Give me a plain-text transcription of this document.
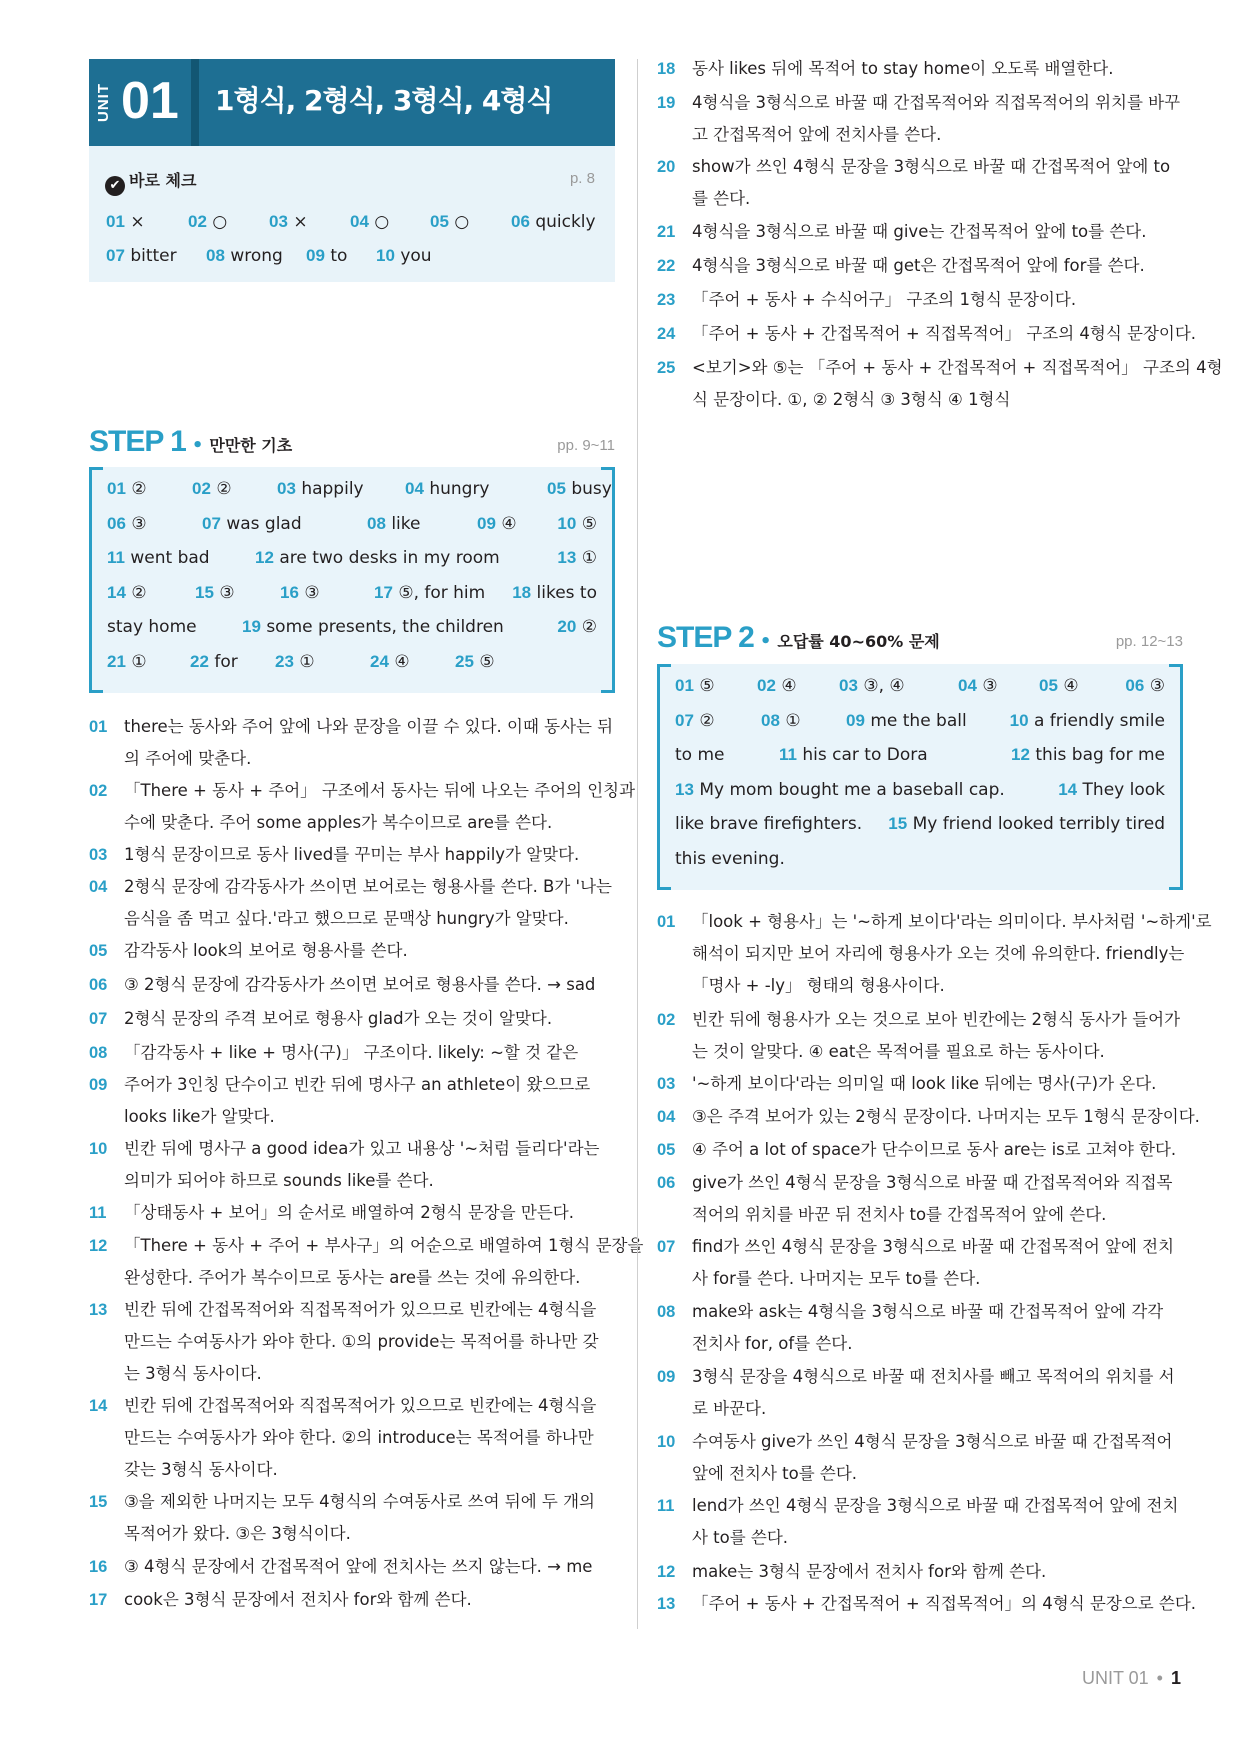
UNIT 01 1형식, 2형식, 3형식, 4형식
✔ 바로 체크	p. 8
01 ×	02 ○ 03 × 04 ○ 05 ○ 06 quickly
07 bitter 08 wrong 09 to 10 you
STEP 1 • 만만한 기초	pp. 9~11
01 ②	02 ②	03 happily 04 hungry	05 busy
06 ③	07 was glad	08 like	09 ④ 10 ⑤
11 went bad	12 are two desks in my room	13 ①
14 ②	15 ③	16 ③	17 ⑤, for him 18 likes to
stay home	19 some presents, the children	20 ②
21 ①	22 for 23 ①	24 ④	25 ⑤
01 there는 동사와 주어 앞에 나와 문장을 이끌 수 있다. 이때 동사는 뒤
의 주어에 맞춘다.
02 「There + 동사 + 주어」 구조에서 동사는 뒤에 나오는 주어의 인칭과
수에 맞춘다. 주어 some apples가 복수이므로 are를 쓴다.
03 1형식 문장이므로 동사 lived를 꾸미는 부사 happily가 알맞다.
04 2형식 문장에 감각동사가 쓰이면 보어로는 형용사를 쓴다. B가 '나는
음식을 좀 먹고 싶다.'라고 했으므로 문맥상 hungry가 알맞다.
05 감각동사 look의 보어로 형용사를 쓴다.
06 ③ 2형식 문장에 감각동사가 쓰이면 보어로 형용사를 쓴다. → sad
07 2형식 문장의 주격 보어로 형용사 glad가 오는 것이 알맞다.
08 「감각동사 + like + 명사(구)」 구조이다. likely: ~할 것 같은
09 주어가 3인칭 단수이고 빈칸 뒤에 명사구 an athlete이 왔으므로
looks like가 알맞다.
10 빈칸 뒤에 명사구 a good idea가 있고 내용상 '~처럼 들리다'라는
의미가 되어야 하므로 sounds like를 쓴다.
11 「상태동사 + 보어」의 순서로 배열하여 2형식 문장을 만든다.
12 「There + 동사 + 주어 + 부사구」의 어순으로 배열하여 1형식 문장을
완성한다. 주어가 복수이므로 동사는 are를 쓰는 것에 유의한다.
13 빈칸 뒤에 간접목적어와 직접목적어가 있으므로 빈칸에는 4형식을
만드는 수여동사가 와야 한다. ①의 provide는 목적어를 하나만 갖
는 3형식 동사이다.
14 빈칸 뒤에 간접목적어와 직접목적어가 있으므로 빈칸에는 4형식을
만드는 수여동사가 와야 한다. ②의 introduce는 목적어를 하나만
갖는 3형식 동사이다.
15 ③을 제외한 나머지는 모두 4형식의 수여동사로 쓰여 뒤에 두 개의
목적어가 왔다. ③은 3형식이다.
16 ③ 4형식 문장에서 간접목적어 앞에 전치사는 쓰지 않는다. → me
17 cook은 3형식 문장에서 전치사 for와 함께 쓴다.
18 동사 likes 뒤에 목적어 to stay home이 오도록 배열한다.
19 4형식을 3형식으로 바꿀 때 간접목적어와 직접목적어의 위치를 바꾸
고 간접목적어 앞에 전치사를 쓴다.
20 show가 쓰인 4형식 문장을 3형식으로 바꿀 때 간접목적어 앞에 to
를 쓴다.
21 4형식을 3형식으로 바꿀 때 give는 간접목적어 앞에 to를 쓴다.
22 4형식을 3형식으로 바꿀 때 get은 간접목적어 앞에 for를 쓴다.
23 「주어 + 동사 + 수식어구」 구조의 1형식 문장이다.
24 「주어 + 동사 + 간접목적어 + 직접목적어」 구조의 4형식 문장이다.
25 <보기>와 ⑤는 「주어 + 동사 + 간접목적어 + 직접목적어」 구조의 4형
식 문장이다. ①, ② 2형식 ③ 3형식 ④ 1형식
STEP 2 • 오답률 40~60% 문제	pp. 12~13
01 ⑤ 02 ④ 03 ③, ④	04 ③ 05 ④	06 ③
07 ②	08 ①	09 me the ball	10 a friendly smile
to me	11 his car to Dora	12 this bag for me
13 My mom bought me a baseball cap.	14 They look
like brave firefighters. 15 My friend looked terribly tired
this evening.
01 「look + 형용사」는 '~하게 보이다'라는 의미이다. 부사처럼 '~하게'로
해석이 되지만 보어 자리에 형용사가 오는 것에 유의한다. friendly는
「명사 + -ly」 형태의 형용사이다.
02 빈칸 뒤에 형용사가 오는 것으로 보아 빈칸에는 2형식 동사가 들어가
는 것이 알맞다. ④ eat은 목적어를 필요로 하는 동사이다.
03 '~하게 보이다'라는 의미일 때 look like 뒤에는 명사(구)가 온다.
04 ③은 주격 보어가 있는 2형식 문장이다. 나머지는 모두 1형식 문장이다.
05 ④ 주어 a lot of space가 단수이므로 동사 are는 is로 고쳐야 한다.
06 give가 쓰인 4형식 문장을 3형식으로 바꿀 때 간접목적어와 직접목
적어의 위치를 바꾼 뒤 전치사 to를 간접목적어 앞에 쓴다.
07 find가 쓰인 4형식 문장을 3형식으로 바꿀 때 간접목적어 앞에 전치
사 for를 쓴다. 나머지는 모두 to를 쓴다.
08 make와 ask는 4형식을 3형식으로 바꿀 때 간접목적어 앞에 각각
전치사 for, of를 쓴다.
09 3형식 문장을 4형식으로 바꿀 때 전치사를 빼고 목적어의 위치를 서
로 바꾼다.
10 수여동사 give가 쓰인 4형식 문장을 3형식으로 바꿀 때 간접목적어
앞에 전치사 to를 쓴다.
11 lend가 쓰인 4형식 문장을 3형식으로 바꿀 때 간접목적어 앞에 전치
사 to를 쓴다.
12 make는 3형식 문장에서 전치사 for와 함께 쓴다.
13 「주어 + 동사 + 간접목적어 + 직접목적어」의 4형식 문장으로 쓴다.
UNIT 01 • 1
